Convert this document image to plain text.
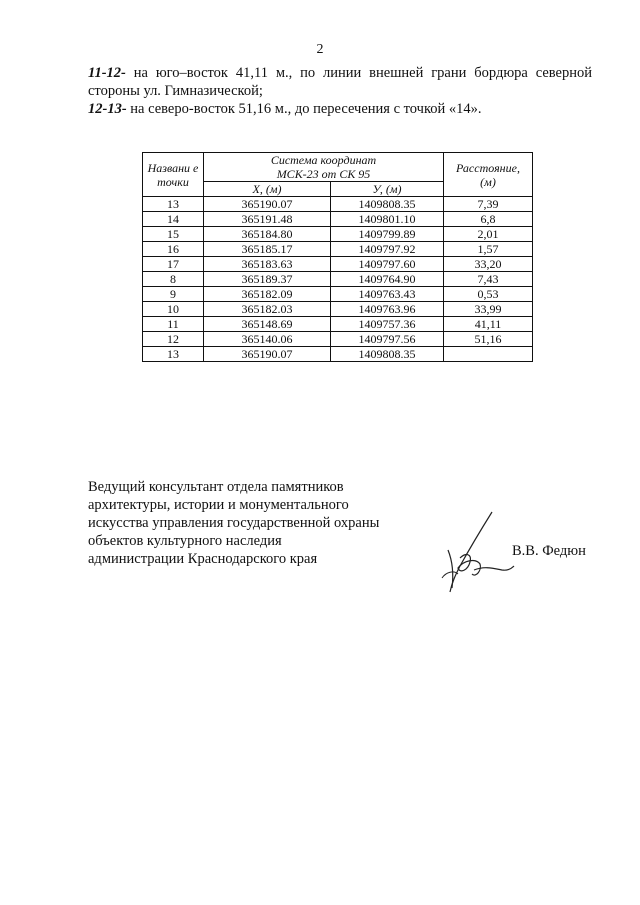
2
11-12- на юго–восток 41,11 м., по линии внешней грани бордюра северной стороны ул. Гимназической;
12-13- на северо-восток 51,16 м., до пересечения с точкой «14».
Названи е точки	Система координат
МСК-23 от СК 95		Расстояние, (м)
	Х, (м)	У, (м)	
13	365190.07	1409808.35	7,39
14	365191.48	1409801.10	6,8
15	365184.80	1409799.89	2,01
16	365185.17	1409797.92	1,57
17	365183.63	1409797.60	33,20
8	365189.37	1409764.90	7,43
9	365182.09	1409763.43	0,53
10	365182.03	1409763.96	33,99
11	365148.69	1409757.36	41,11
12	365140.06	1409797.56	51,16
13	365190.07	1409808.35	
Ведущий консультант отдела памятников
архитектуры, истории и монументального
искусства управления государственной охраны
объектов культурного наследия
администрации Краснодарского края	В.В. Федюн
